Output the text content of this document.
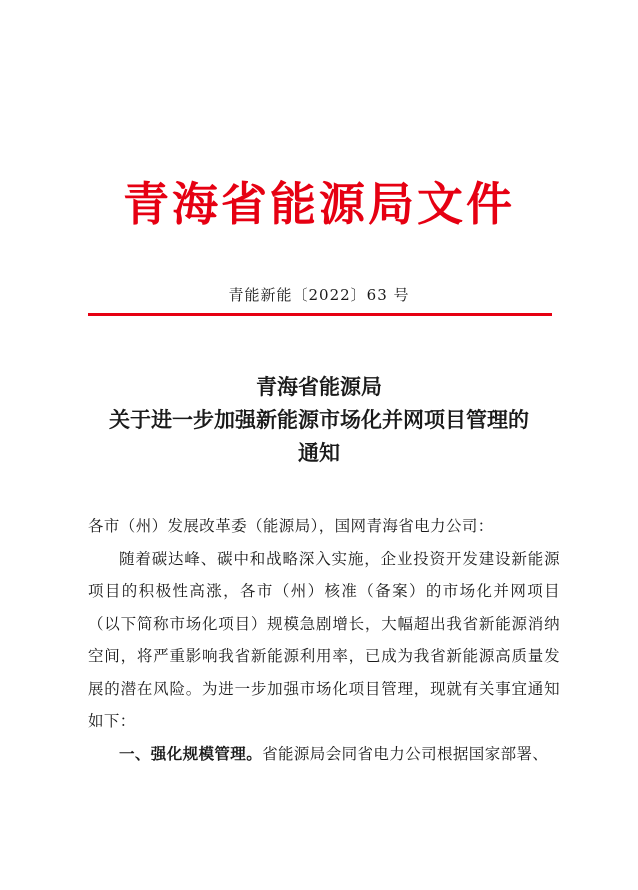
青海省能源局文件
青能新能〔2022〕63 号
青海省能源局
关于进一步加强新能源市场化并网项目管理的
通知

各市（州）发展改革委（能源局），国网青海省电力公司：

随着碳达峰、碳中和战略深入实施，企业投资开发建设新能源项目的积极性高涨，各市（州）核准（备案）的市场化并网项目（以下简称市场化项目）规模急剧增长，大幅超出我省新能源消纳空间，将严重影响我省新能源利用率，已成为我省新能源高质量发展的潜在风险。为进一步加强市场化项目管理，现就有关事宜通知如下：

一、强化规模管理。省能源局会同省电力公司根据国家部署、
